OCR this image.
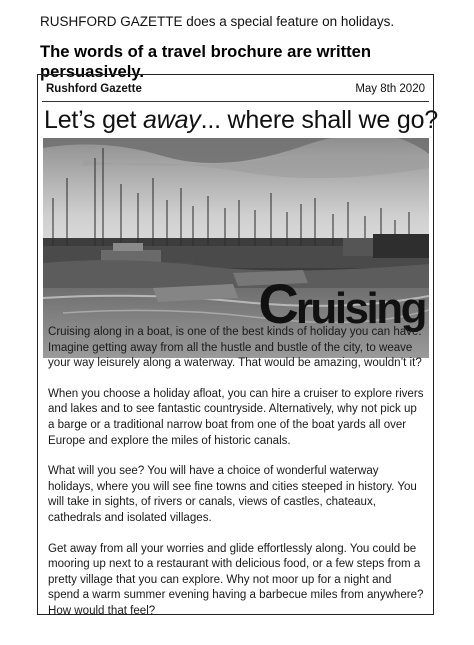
RUSHFORD GAZETTE does a special feature on holidays.
The words of a travel brochure are written persuasively.
Rushford Gazette	May 8th 2020
Let’s get away... where shall we go?
Cruising

Cruising along in a boat, is one of the best kinds of holiday you can have. Imagine getting away from all the hustle and bustle of the city, to weave your way leisurely along a waterway. That would be amazing, wouldn’t it?

When you choose a holiday afloat, you can hire a cruiser to explore rivers and lakes and to see fantastic countryside. Alternatively, why not pick up a barge or a traditional narrow boat from one of the boat yards all over Europe and explore the miles of historic canals.

What will you see? You will have a choice of wonderful waterway holidays, where you will see fine towns and cities steeped in history. You will take in sights, of rivers or canals, views of castles, chateaux, cathedrals and isolated villages.

Get away from all your worries and glide effortlessly along. You could be mooring up next to a restaurant with delicious food, or a few steps from a pretty village that you can explore. Why not moor up for a night and spend a warm summer evening having a barbecue miles from anywhere? How would that feel?
